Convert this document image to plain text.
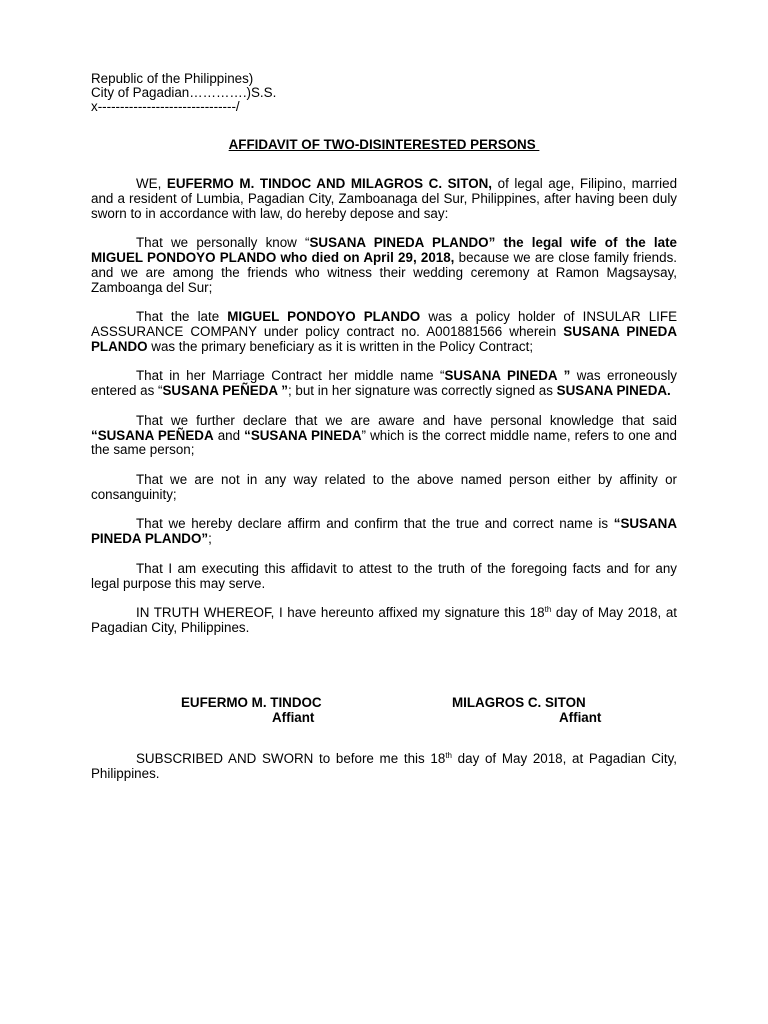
Republic of the Philippines)
City of Pagadian………….)S.S.
x-------------------------------/
AFFIDAVIT OF TWO-DISINTERESTED PERSONS

WE, EUFERMO M. TINDOC AND MILAGROS C. SITON, of legal age, Filipino, married and a resident of Lumbia, Pagadian City, Zamboanaga del Sur, Philippines, after having been duly sworn to in accordance with law, do hereby depose and say:

That we personally know “SUSANA PINEDA PLANDO” the legal wife of the late MIGUEL PONDOYO PLANDO who died on April 29, 2018, because we are close family friends. and we are among the friends who witness their wedding ceremony at Ramon Magsaysay, Zamboanga del Sur;

That the late MIGUEL PONDOYO PLANDO was a policy holder of INSULAR LIFE ASSSURANCE COMPANY under policy contract no. A001881566 wherein SUSANA PINEDA PLANDO was the primary beneficiary as it is written in the Policy Contract;

That in her Marriage Contract her middle name “SUSANA PINEDA ” was erroneously entered as “SUSANA PEÑEDA ”; but in her signature was correctly signed as SUSANA PINEDA.

That we further declare that we are aware and have personal knowledge that said “SUSANA PEÑEDA and “SUSANA PINEDA” which is the correct middle name, refers to one and the same person;

That we are not in any way related to the above named person either by affinity or consanguinity;

That we hereby declare affirm and confirm that the true and correct name is “SUSANA PINEDA PLANDO”;

That I am executing this affidavit to attest to the truth of the foregoing facts and for any legal purpose this may serve.

IN TRUTH WHEREOF, I have hereunto affixed my signature this 18th day of May 2018, at Pagadian City, Philippines.

EUFERMO M. TINDOC
Affiant
MILAGROS C. SITON
Affiant

SUBSCRIBED AND SWORN to before me this 18th day of May 2018, at Pagadian City, Philippines.
